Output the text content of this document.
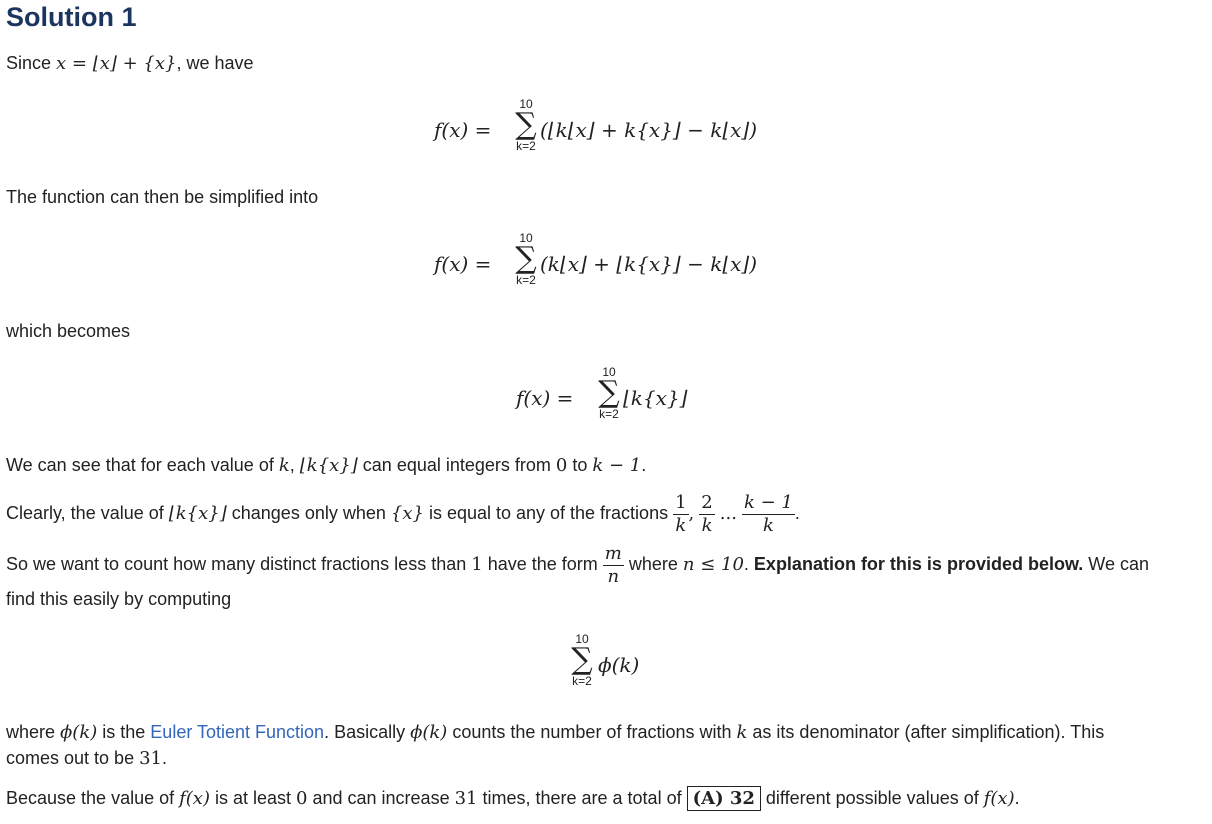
Solution 1
Since x = ⌊x⌋ + {x}, we have
f(x) =
10
∑
k=2
(⌊k⌊x⌋ + k{x}⌋ − k⌊x⌋)
The function can then be simplified into
f(x) =
10
∑
k=2
(k⌊x⌋ + ⌊k{x}⌋ − k⌊x⌋)
which becomes
f(x) =
10
∑
k=2
⌊k{x}⌋
We can see that for each value of k, ⌊k{x}⌋ can equal integers from 0 to k − 1.
Clearly, the value of ⌊k{x}⌋ changes only when {x} is equal to any of the fractions $\frac{1}{k}$ , $\frac{2}{k}$ ... $\frac{k - 1}{k}$ .
So we want to count how many distinct fractions less than 1 have the form $\frac{m}{n}$ where n ≤ 10. Explanation for this is provided below. We can
find this easily by computing
10
∑
k=2
ϕ(k)
where ϕ(k) is the Euler Totient Function. Basically ϕ(k) counts the number of fractions with k as its denominator (after simplification). This
comes out to be 31.
Because the value of f(x) is at least 0 and can increase 31 times, there are a total of (A) 32 different possible values of f(x).
